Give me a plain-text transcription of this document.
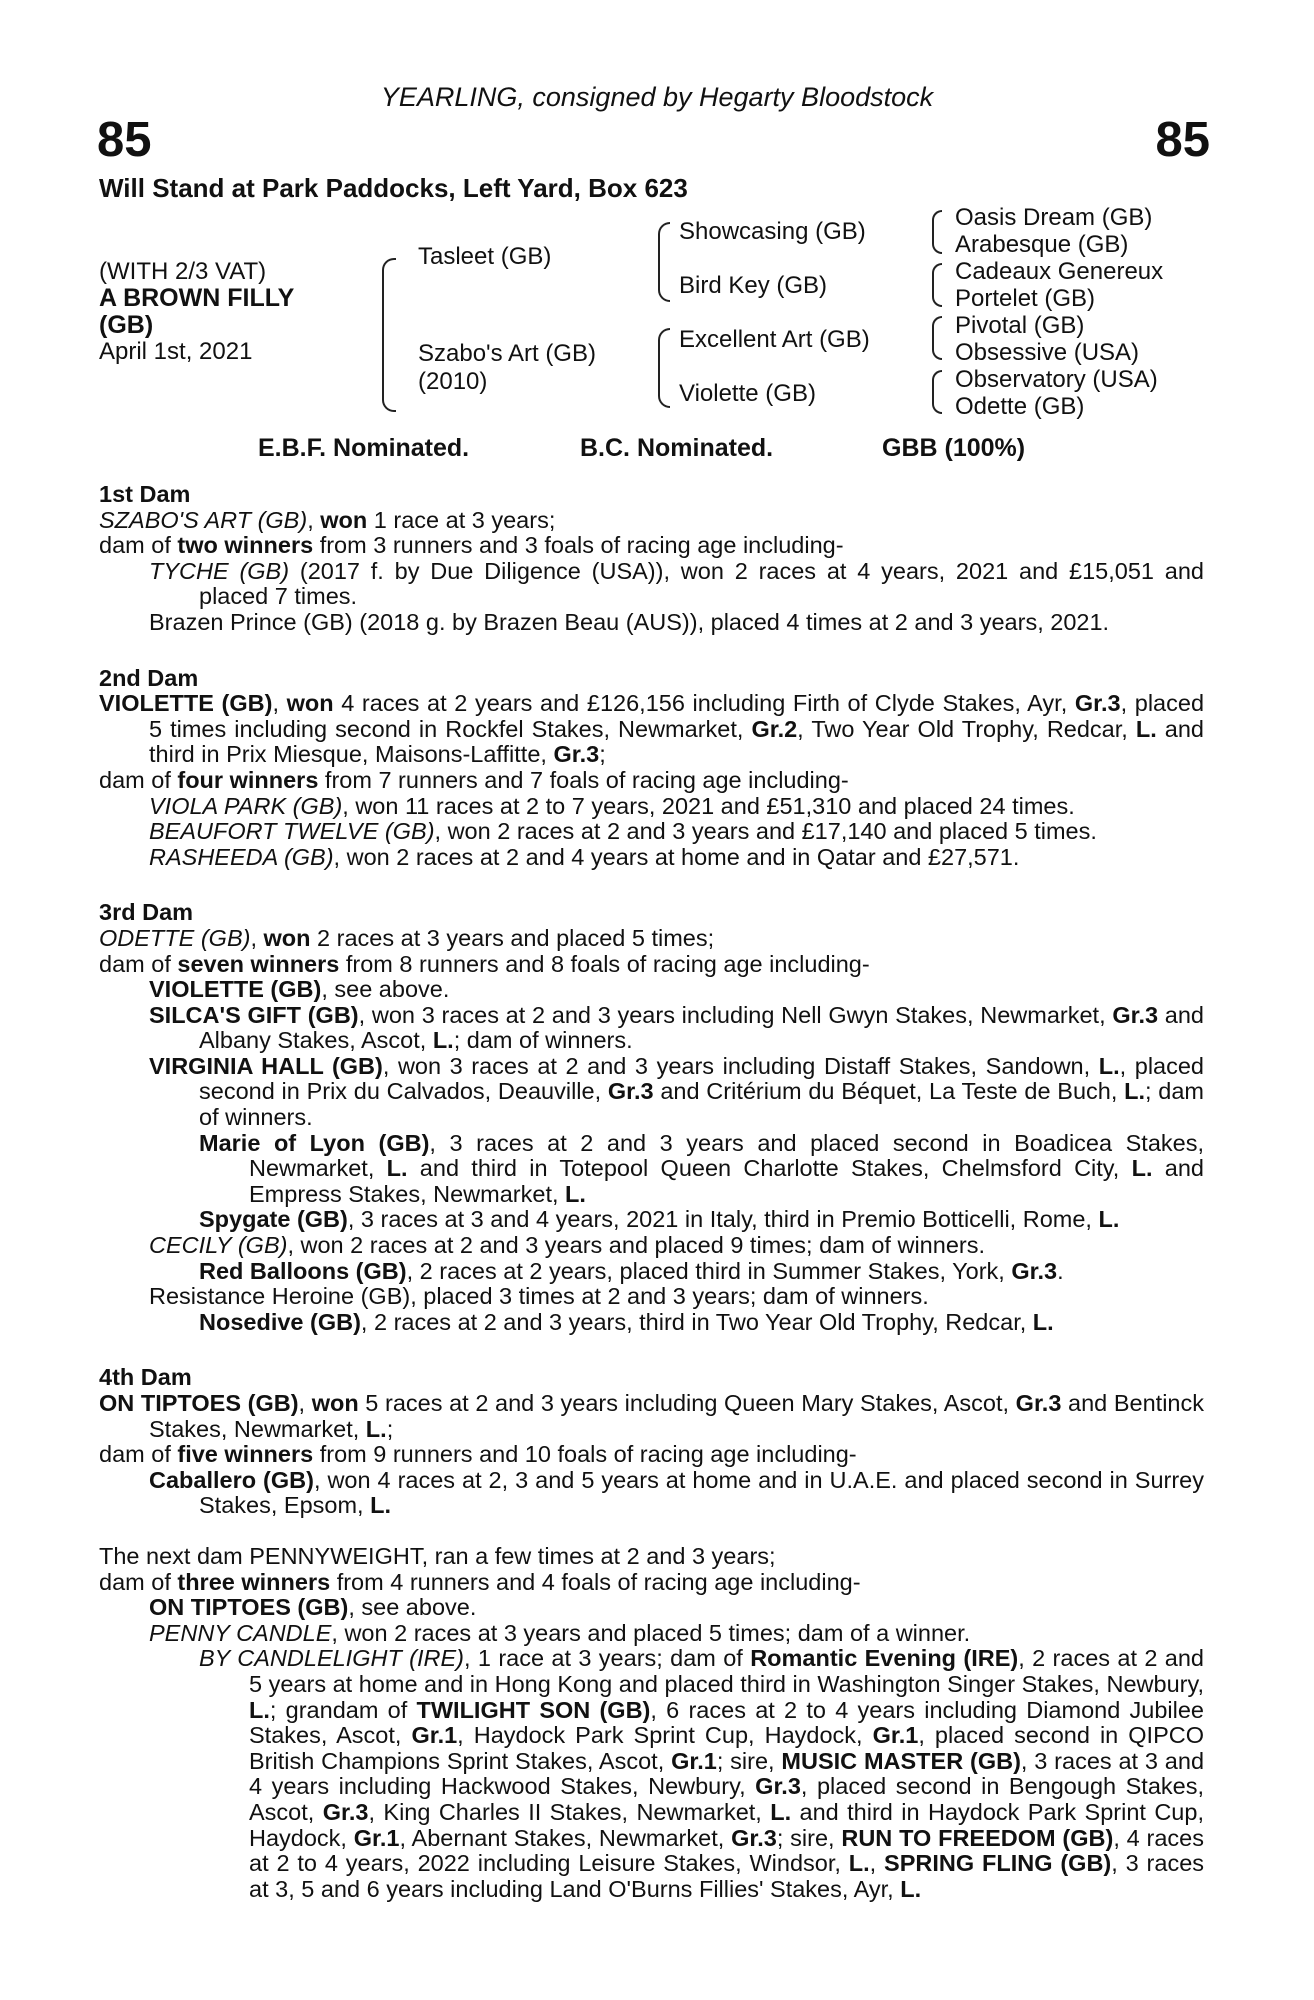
YEARLING, consigned by Hegarty Bloodstock
85	85
Will Stand at Park Paddocks, Left Yard, Box 623
(WITH 2/3 VAT)
A BROWN FILLY
(GB)
April 1st, 2021
Tasleet (GB)
Szabo's Art (GB)
(2010)
Showcasing (GB)
Bird Key (GB)
Excellent Art (GB)
Violette (GB)
Oasis Dream (GB)
Arabesque (GB)
Cadeaux Genereux
Portelet (GB)
Pivotal (GB)
Obsessive (USA)
Observatory (USA)
Odette (GB)
E.B.F. Nominated.	B.C. Nominated.	GBB (100%)
1st Dam
SZABO'S ART (GB), won 1 race at 3 years;
dam of two winners from 3 runners and 3 foals of racing age including-
TYCHE (GB) (2017 f. by Due Diligence (USA)), won 2 races at 4 years, 2021 and £15,051 and placed 7 times.
Brazen Prince (GB) (2018 g. by Brazen Beau (AUS)), placed 4 times at 2 and 3 years, 2021.
2nd Dam
VIOLETTE (GB), won 4 races at 2 years and £126,156 including Firth of Clyde Stakes, Ayr, Gr.3, placed 5 times including second in Rockfel Stakes, Newmarket, Gr.2, Two Year Old Trophy, Redcar, L. and third in Prix Miesque, Maisons-Laffitte, Gr.3;
dam of four winners from 7 runners and 7 foals of racing age including-
VIOLA PARK (GB), won 11 races at 2 to 7 years, 2021 and £51,310 and placed 24 times.
BEAUFORT TWELVE (GB), won 2 races at 2 and 3 years and £17,140 and placed 5 times.
RASHEEDA (GB), won 2 races at 2 and 4 years at home and in Qatar and £27,571.
3rd Dam
ODETTE (GB), won 2 races at 3 years and placed 5 times;
dam of seven winners from 8 runners and 8 foals of racing age including-
VIOLETTE (GB), see above.
SILCA'S GIFT (GB), won 3 races at 2 and 3 years including Nell Gwyn Stakes, Newmarket, Gr.3 and Albany Stakes, Ascot, L.; dam of winners.
VIRGINIA HALL (GB), won 3 races at 2 and 3 years including Distaff Stakes, Sandown, L., placed second in Prix du Calvados, Deauville, Gr.3 and Critérium du Béquet, La Teste de Buch, L.; dam of winners.
Marie of Lyon (GB), 3 races at 2 and 3 years and placed second in Boadicea Stakes, Newmarket, L. and third in Totepool Queen Charlotte Stakes, Chelmsford City, L. and Empress Stakes, Newmarket, L.
Spygate (GB), 3 races at 3 and 4 years, 2021 in Italy, third in Premio Botticelli, Rome, L.
CECILY (GB), won 2 races at 2 and 3 years and placed 9 times; dam of winners.
Red Balloons (GB), 2 races at 2 years, placed third in Summer Stakes, York, Gr.3.
Resistance Heroine (GB), placed 3 times at 2 and 3 years; dam of winners.
Nosedive (GB), 2 races at 2 and 3 years, third in Two Year Old Trophy, Redcar, L.
4th Dam
ON TIPTOES (GB), won 5 races at 2 and 3 years including Queen Mary Stakes, Ascot, Gr.3 and Bentinck Stakes, Newmarket, L.;
dam of five winners from 9 runners and 10 foals of racing age including-
Caballero (GB), won 4 races at 2, 3 and 5 years at home and in U.A.E. and placed second in Surrey Stakes, Epsom, L.
The next dam PENNYWEIGHT, ran a few times at 2 and 3 years;
dam of three winners from 4 runners and 4 foals of racing age including-
ON TIPTOES (GB), see above.
PENNY CANDLE, won 2 races at 3 years and placed 5 times; dam of a winner.
BY CANDLELIGHT (IRE), 1 race at 3 years; dam of Romantic Evening (IRE), 2 races at 2 and 5 years at home and in Hong Kong and placed third in Washington Singer Stakes, Newbury, L.; grandam of TWILIGHT SON (GB), 6 races at 2 to 4 years including Diamond Jubilee Stakes, Ascot, Gr.1, Haydock Park Sprint Cup, Haydock, Gr.1, placed second in QIPCO British Champions Sprint Stakes, Ascot, Gr.1; sire, MUSIC MASTER (GB), 3 races at 3 and 4 years including Hackwood Stakes, Newbury, Gr.3, placed second in Bengough Stakes, Ascot, Gr.3, King Charles II Stakes, Newmarket, L. and third in Haydock Park Sprint Cup, Haydock, Gr.1, Abernant Stakes, Newmarket, Gr.3; sire, RUN TO FREEDOM (GB), 4 races at 2 to 4 years, 2022 including Leisure Stakes, Windsor, L., SPRING FLING (GB), 3 races at 3, 5 and 6 years including Land O'Burns Fillies' Stakes, Ayr, L.
